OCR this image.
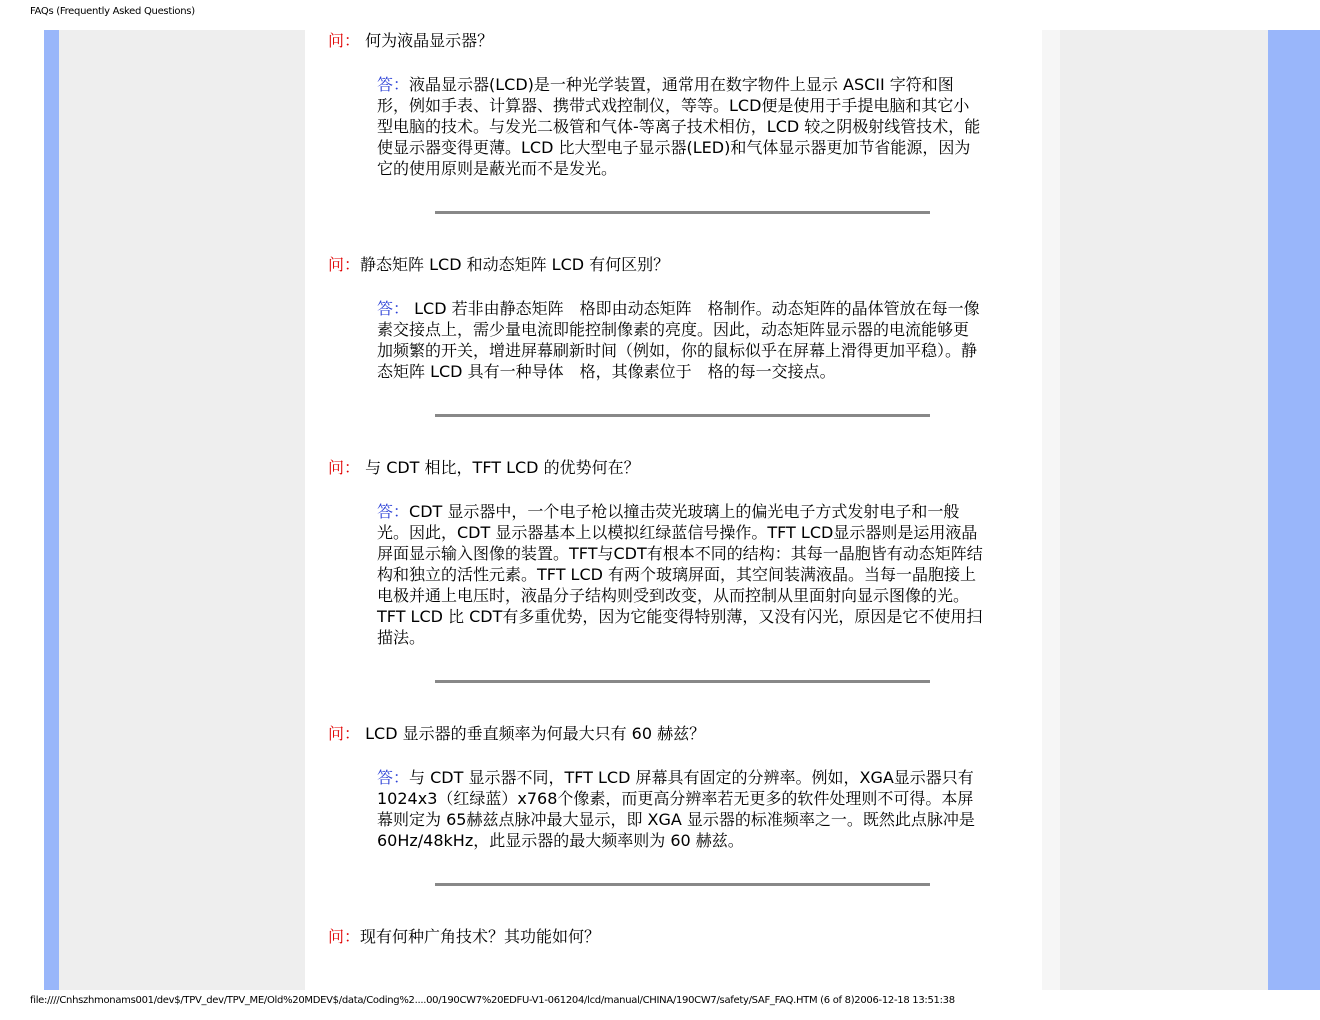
FAQs (Frequently Asked Questions)
问： 何为液晶显示器？
答：液晶显示器(LCD)是一种光学装置，通常用在数字物件上显示 ASCII 字符和图形，例如手表、计算器、携带式戏控制仪，等等。LCD便是使用于手提电脑和其它小型电脑的技术。与发光二极管和气体-等离子技术相仿，LCD 较之阴极射线管技术，能使显示器变得更薄。LCD 比大型电子显示器(LED)和气体显示器更加节省能源，因为它的使用原则是蔽光而不是发光。
问：静态矩阵 LCD 和动态矩阵 LCD 有何区别？
答： LCD 若非由静态矩阵　格即由动态矩阵　格制作。动态矩阵的晶体管放在每一像素交接点上，需少量电流即能控制像素的亮度。因此，动态矩阵显示器的电流能够更加频繁的开关，增进屏幕刷新时间（例如，你的鼠标似乎在屏幕上滑得更加平稳）。静态矩阵 LCD 具有一种导体　格，其像素位于　格的每一交接点。
问： 与 CDT 相比，TFT LCD 的优势何在？
答：CDT 显示器中，一个电子枪以撞击荧光玻璃上的偏光电子方式发射电子和一般
光。因此，CDT 显示器基本上以模拟红绿蓝信号操作。TFT LCD显示器则是运用液晶屏面显示输入图像的装置。TFT与CDT有根本不同的结构：其每一晶胞皆有动态矩阵结构和独立的活性元素。TFT LCD 有两个玻璃屏面，其空间装满液晶。当每一晶胞接上电极并通上电压时，液晶分子结构则受到改变，从而控制从里面射向显示图像的光。TFT LCD 比 CDT有多重优势，因为它能变得特别薄，又没有闪光，原因是它不使用扫描法。
问： LCD 显示器的垂直频率为何最大只有 60 赫兹？
答：与 CDT 显示器不同，TFT LCD 屏幕具有固定的分辨率。例如，XGA显示器只有1024x3（红绿蓝）x768个像素，而更高分辨率若无更多的软件处理则不可得。本屏幕则定为 65赫兹点脉冲最大显示，即 XGA 显示器的标准频率之一。既然此点脉冲是 60Hz/48kHz，此显示器的最大频率则为 60 赫兹。
问：现有何种广角技术？其功能如何？
file:////Cnhszhmonams001/dev$/TPV_dev/TPV_ME/Old%20MDEV$/data/Coding%2....00/190CW7%20EDFU-V1-061204/lcd/manual/CHINA/190CW7/safety/SAF_FAQ.HTM (6 of 8)2006-12-18 13:51:38
